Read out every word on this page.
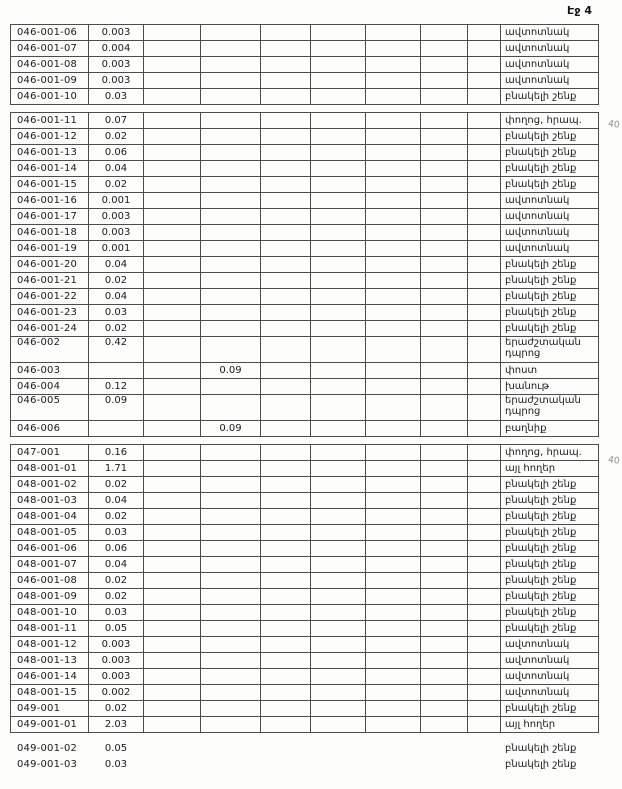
Էջ 4
40
40
046-001-06	0.003								ավտոտնակ
046-001-07	0.004								ավտոտնակ
046-001-08	0.003								ավտոտնակ
046-001-09	0.003								ավտոտնակ
046-001-10	0.03								բնակելի շենք
046-001-11	0.07								փողոց, հրապ.
046-001-12	0.02								բնակելի շենք
046-001-13	0.06								բնակելի շենք
046-001-14	0.04								բնակելի շենք
046-001-15	0.02								բնակելի շենք
046-001-16	0.001								ավտոտնակ
046-001-17	0.003								ավտոտնակ
046-001-18	0.003								ավտոտնակ
046-001-19	0.001								ավտոտնակ
046-001-20	0.04								բնակելի շենք
046-001-21	0.02								բնակելի շենք
046-001-22	0.04								բնակելի շենք
046-001-23	0.03								բնակելի շենք
046-001-24	0.02								բնակելի շենք
046-002	0.42								երաժշտական դպրոց
046-003			0.09						փոստ
046-004	0.12								խանութ
046-005	0.09								երաժշտական դպրոց
046-006			0.09						բաղնիք
047-001	0.16								փողոց, հրապ.
048-001-01	1.71								այլ հողեր
048-001-02	0.02								բնակելի շենք
048-001-03	0.04								բնակելի շենք
048-001-04	0.02								բնակելի շենք
048-001-05	0.03								բնակելի շենք
046-001-06	0.06								բնակելի շենք
048-001-07	0.04								բնակելի շենք
046-001-08	0.02								բնակելի շենք
048-001-09	0.02								բնակելի շենք
048-001-10	0.03								բնակելի շենք
048-001-11	0.05								բնակելի շենք
048-001-12	0.003								ավտոտնակ
048-001-13	0.003								ավտոտնակ
046-001-14	0.003								ավտոտնակ
048-001-15	0.002								ավտոտնակ
049-001	0.02								բնակելի շենք
049-001-01	2.03								այլ հողեր
049-001-02	0.05								բնակելի շենք
049-001-03	0.03								բնակելի շենք
